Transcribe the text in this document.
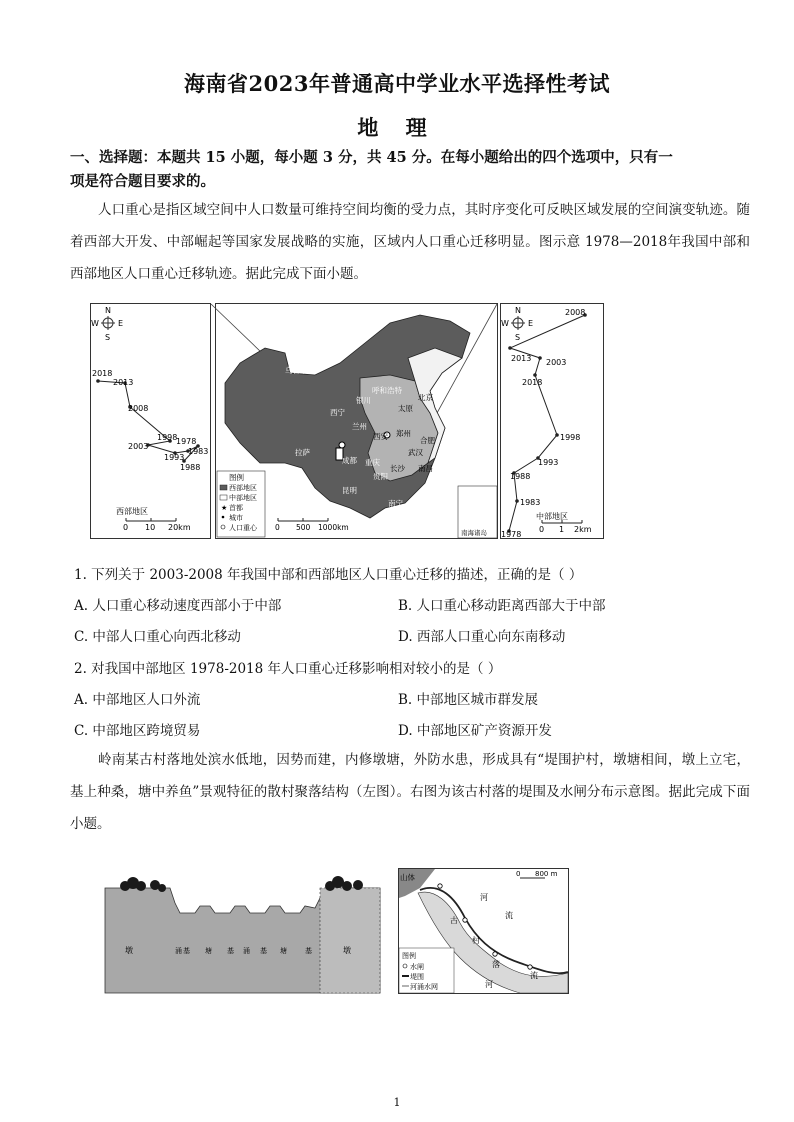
海南省2023年普通高中学业水平选择性考试
地 理
一、选择题：本题共 15 小题，每小题 3 分，共 45 分。在每小题给出的四个选项中，只有一
项是符合题目要求的。
人口重心是指区域空间中人口数量可维持空间均衡的受力点，其时序变化可反映区域发展的空间演变轨迹。随着西部大开发、中部崛起等国家发展战略的实施，区域内人口重心迁移明显。图示意 1978—2018年我国中部和西部地区人口重心迁移轨迹。据此完成下面小题。
N
S
W E
2018
2013
2008
2003
1998
1978
1983
1993
1988
西部地区
0 10 20km
乌鲁木齐
呼和浩特
北京
银川
太原
西宁
兰州
郑州
西安	合肥
拉萨
成都 重庆
武汉
长沙 南昌
贵阳
昆明
南宁
图例
西部地区
中部地区
★ 首都
城市
人口重心 0 500 1000km
南海诸岛
N
S
W E
2008
2013 2003
2018
1998
1993
1988
1983
1978
中部地区
0 1 2km
1. 下列关于 2003-2008 年我国中部和西部地区人口重心迁移的描述，正确的是（ ）
A. 人口重心移动速度西部小于中部	B. 人口重心移动距离西部大于中部
C. 中部人口重心向西北移动	D. 西部人口重心向东南移动
2. 对我国中部地区 1978-2018 年人口重心迁移影响相对较小的是（ ）
A. 中部地区人口外流	B. 中部地区城市群发展
C. 中部地区跨境贸易	D. 中部地区矿产资源开发
岭南某古村落地处滨水低地，因势而建，内修墩塘，外防水患，形成具有“堤围护村，墩塘相间，墩上立宅，基上种桑，塘中养鱼”景观特征的散村聚落结构（左图）。右图为该古村落的堤围及水闸分布示意图。据此完成下面小题。
墩	涌 基 塘 基 涌 基 塘	基	墩
山体	0 800 m
河
流
古
村
落
河
流
图例
水闸
堤围
河涌水网
1
